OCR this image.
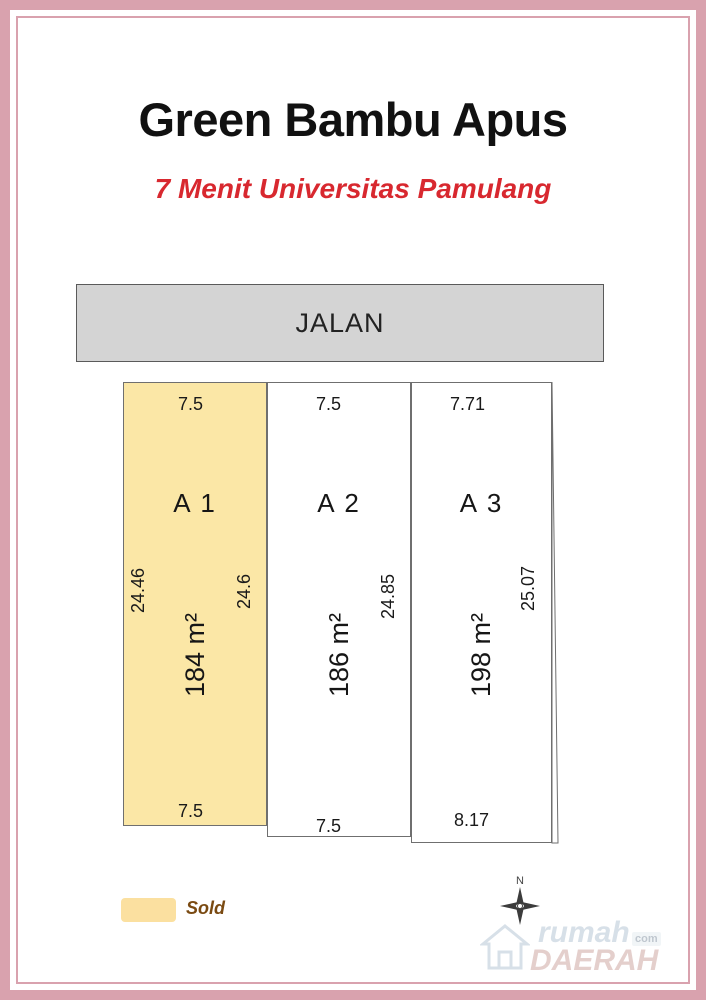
Green Bambu Apus
7 Menit Universitas Pamulang
JALAN
A 1
184 m²
A 2
186 m²
A 3
198 m²
7.5	7.5	7.71
7.5
7.5	8.17
24.46	24.6	24.85	25.07
Sold
N
rumah com
DAERAH
